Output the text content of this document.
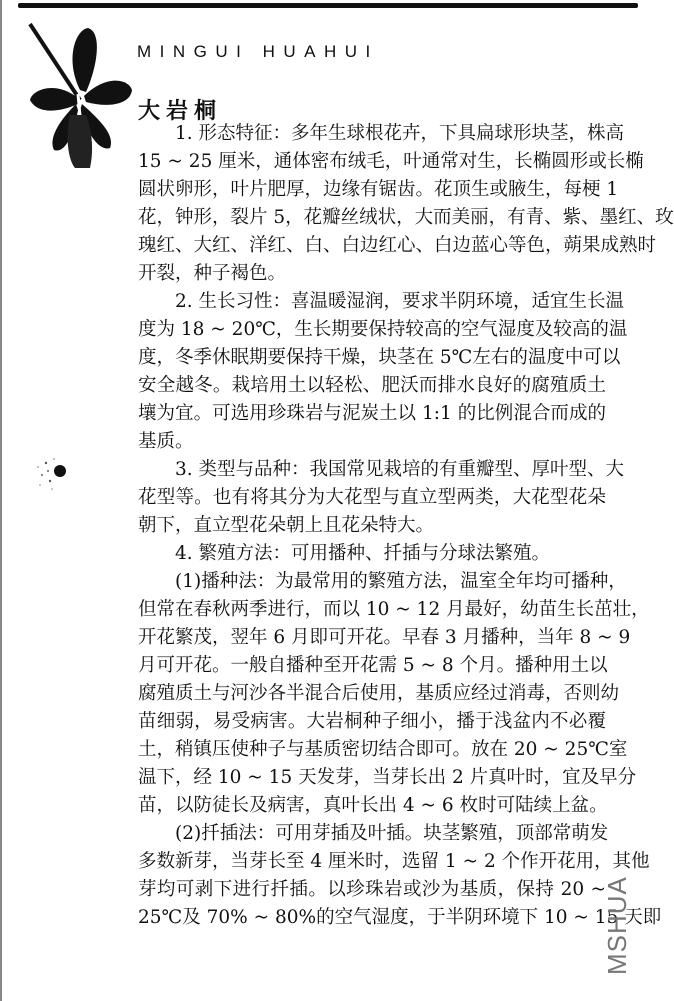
MINGUI HUAHUI
大岩桐
1. 形态特征：多年生球根花卉，下具扁球形块茎，株高
15 ~ 25 厘米，通体密布绒毛，叶通常对生，长椭圆形或长椭
圆状卵形，叶片肥厚，边缘有锯齿。花顶生或腋生，每梗 1
花，钟形，裂片 5，花瓣丝绒状，大而美丽，有青、紫、墨红、玫
瑰红、大红、洋红、白、白边红心、白边蓝心等色，蒴果成熟时
开裂，种子褐色。
2. 生长习性：喜温暖湿润，要求半阴环境，适宜生长温
度为 18 ~ 20℃，生长期要保持较高的空气湿度及较高的温
度，冬季休眠期要保持干燥，块茎在 5℃左右的温度中可以
安全越冬。栽培用土以轻松、肥沃而排水良好的腐殖质土
壤为宜。可选用珍珠岩与泥炭土以 1:1 的比例混合而成的
基质。
3. 类型与品种：我国常见栽培的有重瓣型、厚叶型、大
花型等。也有将其分为大花型与直立型两类，大花型花朵
朝下，直立型花朵朝上且花朵特大。
4. 繁殖方法：可用播种、扦插与分球法繁殖。
(1)播种法：为最常用的繁殖方法，温室全年均可播种，
但常在春秋两季进行，而以 10 ~ 12 月最好，幼苗生长茁壮，
开花繁茂，翌年 6 月即可开花。早春 3 月播种，当年 8 ~ 9
月可开花。一般自播种至开花需 5 ~ 8 个月。播种用土以
腐殖质土与河沙各半混合后使用，基质应经过消毒，否则幼
苗细弱，易受病害。大岩桐种子细小，播于浅盆内不必覆
土，稍镇压使种子与基质密切结合即可。放在 20 ~ 25℃室
温下，经 10 ~ 15 天发芽，当芽长出 2 片真叶时，宜及早分
苗，以防徒长及病害，真叶长出 4 ~ 6 枚时可陆续上盆。
(2)扦插法：可用芽插及叶插。块茎繁殖，顶部常萌发
多数新芽，当芽长至 4 厘米时，选留 1 ~ 2 个作开花用，其他
芽均可剥下进行扦插。以珍珠岩或沙为基质，保持 20 ~
25℃及 70% ~ 80%的空气湿度，于半阴环境下 10 ~ 15 天即
MSHUA
